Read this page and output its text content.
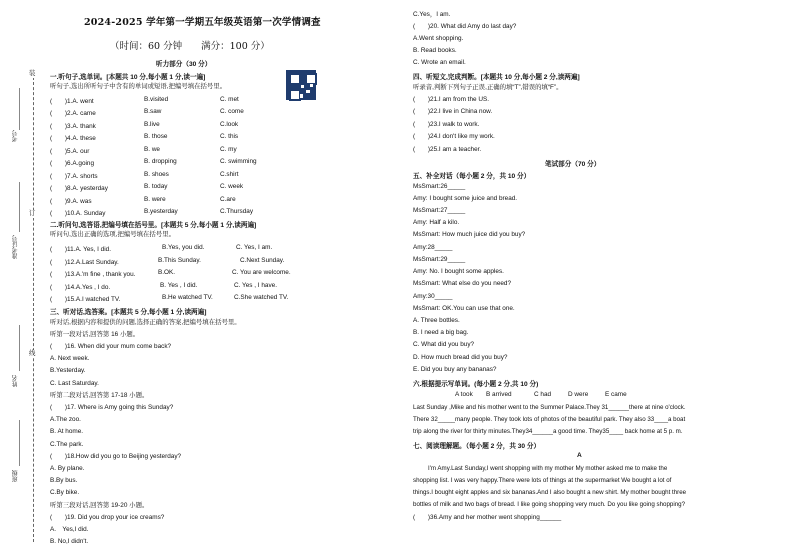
2024-2025 学年第一学期五年级英语第一次学情调查
（时间：60 分钟　　满分：100 分）
装
订
线
考号
准考证号
姓名
班级
听力部分（30 分）
一.听句子,选单词。[本题共 10 分,每小题 1 分,读一遍]
听句子,选出所听句子中含有的单词或短语,把编号填在括号里。
(　　)1.A. went	B.visited	C. met
(　　)2.A. came	B.saw	C. come
(　　)3.A. thank	B.live	C.look
(　　)4.A. these	B. those	C. this
(　　)5.A. our	B. we	C. my
(　　)6.A.going	B. dropping	C. swimming
(　　)7.A. shorts	B. shoes	C.shirt
(　　)8.A. yesterday	B. today	C. week
(　　)9.A. was	B. were	C.are
(　　)10.A. Sunday	B.yesterday	C.Thursday
二.听问句,选答语,把编号填在括号里。[本题共 5 分,每小题 1 分,读两遍]
听问句,选出正确的选项,把编号填在括号里。
(　　)11.A. Yes, I did.	B.Yes, you did.	C. Yes, I am.
(　　)12.A.Last Sunday.	B.This Sunday.	C.Next Sunday.
(　　)13.A.'m fine , thank you.	B.OK.	C. You are welcome.
(　　)14.A.Yes , I do.	B. Yes , I did.	C. Yes , I have.
(　　)15.A.I watched TV.	B.He watched TV.	C.She watched TV.
三、听对话,选答案。[本题共 5 分,每小题 1 分,读两遍]
听对话,根据内容和提供的问题,选择正确的答案,把编号填在括号里。
听第一段对话,回答第 16 小题。
(　　)16. When did your mum come back?
A. Next week.
B.Yesterday.
C. Last Saturday.
听第二段对话,回答第 17-18 小题。
(　　)17. Where is Amy going this Sunday?
A.The zoo.
B. At home.
C.The park.
(　　)18.How did you go to Beijing yesterday?
A. By plane.
B.By bus.
C.By bike.
听第三段对话,回答第 19-20 小题。
(　　)19. Did you drop your ice creams?
A.　Yes,I did.
B. No,I didn't.
C.Yes，I am.
(　　)20. What did Amy do last day?
A.Went shopping.
B. Read books.
C. Wrote an email.
四、听短文,完成判断。[本题共 10 分,每小题 2 分,读两遍]
听录音,判断下列句子正误,正确的填“T”,错误的填“F”。
(　　)21.I am from the US.
(　　)22.I live in China now.
(　　)23.I walk to work.
(　　)24.I don't like my work.
(　　)25.I am a teacher.
笔试部分（70 分）
五、补全对话（每小题 2 分，共 10 分）
MsSmart:26_____
Amy: I bought some juice and bread.
MsSmart:27_____
Amy: Half a kilo.
MsSmart: How much juice did you buy?
Amy:28_____
MsSmart:29_____
Amy: No. I bought some apples.
MsSmart: What else do you need?
Amy:30_____
MsSmart: OK.You can use that one.
A. Three bottles.
B. I need a big bag.
C. What did you buy?
D. How much bread did you buy?
E. Did you buy any bananas?
六.根据提示写单词。(每小题 2 分,共 10 分)
A took B arrived	C had	D were	E came
Last Sunday ,Mike and his mother went to the Summer Palace.They 31______there at nine o'clock.
There 32_____many people. They took lots of photos of the beautiful park. They also 33____a boat
trip along the river for thirty minutes.They34______a good time. They35____ back home at 5 p. m.
七、阅读理解题。（每小题 2 分，共 30 分）
A
I'm Amy.Last Sunday,I went shopping with my mother My mother asked me to make the
shopping list. I was very happy.There were lots of things at the supermarket We bought a lot of
things.I bought eight apples and six bananas.And I also bought a new shirt. My mother bought three
bottles of milk and two bags of bread. I like going shopping very much. Do you like going shopping?
(　　)36.Amy and her mother went shopping______
